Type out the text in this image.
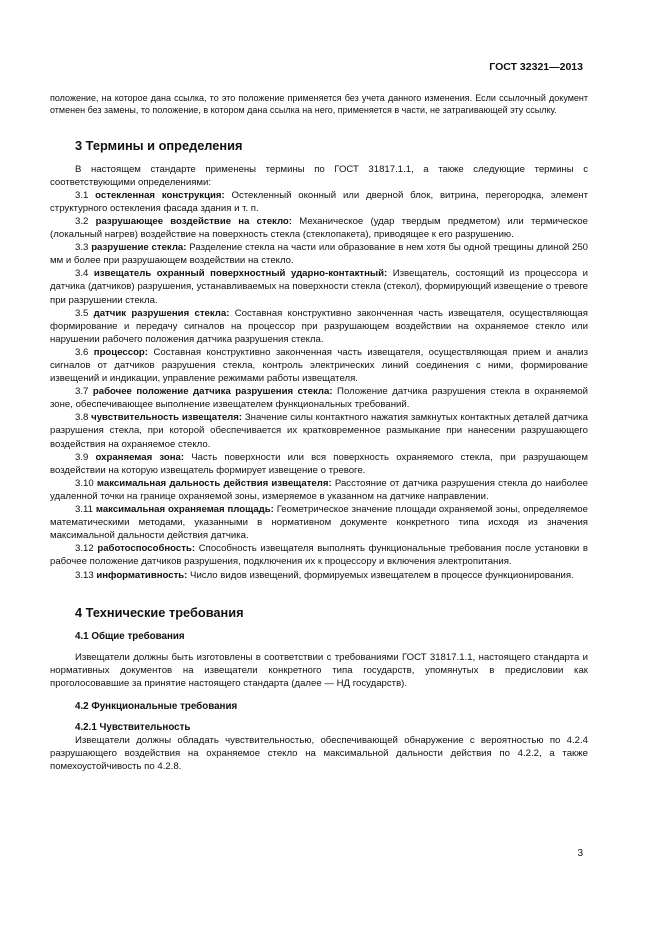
ГОСТ 32321—2013

положение, на которое дана ссылка, то это положение применяется без учета данного изменения. Если ссылочный документ отменен без замены, то положение, в котором дана ссылка на него, применяется в части, не затрагивающей эту ссылку.

3 Термины и определения

В настоящем стандарте применены термины по ГОСТ 31817.1.1, а также следующие термины с соответствующими определениями:

3.1 остекленная конструкция: Остекленный оконный или дверной блок, витрина, перегородка, элемент структурного остекления фасада здания и т. п.

3.2 разрушающее воздействие на стекло: Механическое (удар твердым предметом) или термическое (локальный нагрев) воздействие на поверхность стекла (стеклопакета), приводящее к его разрушению.

3.3 разрушение стекла: Разделение стекла на части или образование в нем хотя бы одной трещины длиной 250 мм и более при разрушающем воздействии на стекло.

3.4 извещатель охранный поверхностный ударно-контактный: Извещатель, состоящий из процессора и датчика (датчиков) разрушения, устанавливаемых на поверхности стекла (стекол), формирующий извещение о тревоге при разрушении стекла.

3.5 датчик разрушения стекла: Составная конструктивно законченная часть извещателя, осуществляющая формирование и передачу сигналов на процессор при разрушающем воздействии на охраняемое стекло или нарушении рабочего положения датчика разрушения стекла.

3.6 процессор: Составная конструктивно законченная часть извещателя, осуществляющая прием и анализ сигналов от датчиков разрушения стекла, контроль электрических линий соединения с ними, формирование извещений и индикации, управление режимами работы извещателя.

3.7 рабочее положение датчика разрушения стекла: Положение датчика разрушения стекла в охраняемой зоне, обеспечивающее выполнение извещателем функциональных требований.

3.8 чувствительность извещателя: Значение силы контактного нажатия замкнутых контактных деталей датчика разрушения стекла, при которой обеспечивается их кратковременное размыкание при нанесении разрушающего воздействия на охраняемое стекло.

3.9 охраняемая зона: Часть поверхности или вся поверхность охраняемого стекла, при разрушающем воздействии на которую извещатель формирует извещение о тревоге.

3.10 максимальная дальность действия извещателя: Расстояние от датчика разрушения стекла до наиболее удаленной точки на границе охраняемой зоны, измеряемое в указанном на датчике направлении.

3.11 максимальная охраняемая площадь: Геометрическое значение площади охраняемой зоны, определяемое математическими методами, указанными в нормативном документе конкретного типа исходя из значения максимальной дальности действия датчика.

3.12 работоспособность: Способность извещателя выполнять функциональные требования после установки в рабочее положение датчиков разрушения, подключения их к процессору и включения электропитания.

3.13 информативность: Число видов извещений, формируемых извещателем в процессе функционирования.

4 Технические требования
4.1 Общие требования

Извещатели должны быть изготовлены в соответствии с требованиями ГОСТ 31817.1.1, настоящего стандарта и нормативных документов на извещатели конкретного типа государств, упомянутых в предисловии как проголосовавшие за принятие настоящего стандарта (далее — НД государств).

4.2 Функциональные требования
4.2.1 Чувствительность

Извещатели должны обладать чувствительностью, обеспечивающей обнаружение с вероятностью по 4.2.4 разрушающего воздействия на охраняемое стекло на максимальной дальности действия по 4.2.2, а также помехоустойчивость по 4.2.8.

3
